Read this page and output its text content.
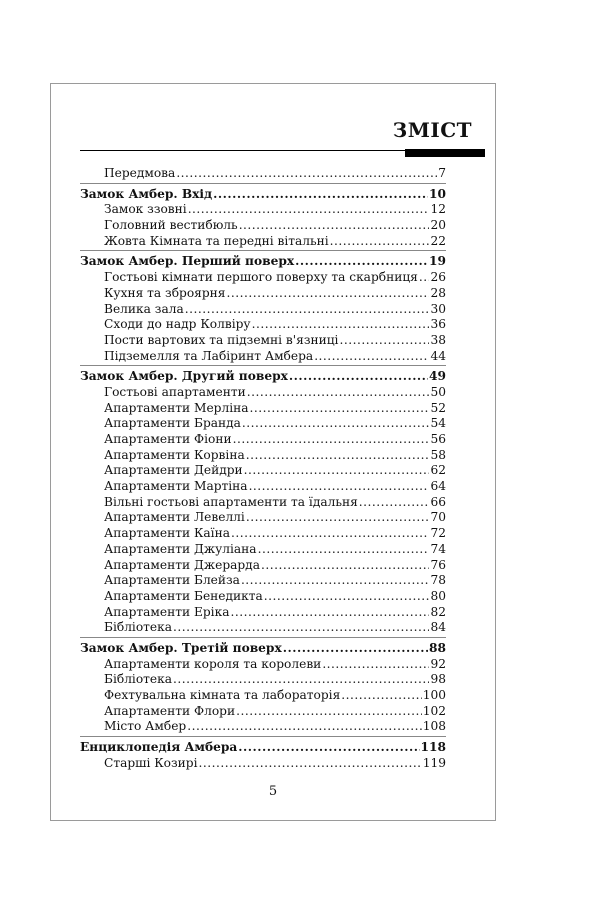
ЗМІСТ
Передмова .....	7
Замок Амбер. Вхід .....	10
Замок ззовні .....	12
Головний вестибюль .....	20
Жовта Кімната та передні вітальні .....	22
Замок Амбер. Перший поверх .....	19
Гостьові кімнати першого поверху та скарбниця ..... 26
Кухня та зброярня .....	28
Велика зала .....	30
Сходи до надр Колвіру .....	36
Пости вартових та підземні в'язниці .....	38
Підземелля та Лабіринт Амбера .....	44
Замок Амбер. Другий поверх .....	49
Гостьові апартаменти .....	50
Апартаменти Мерліна .....	52
Апартаменти Бранда .....	54
Апартаменти Фіони .....	56
Апартаменти Корвіна .....	58
Апартаменти Дейдри .....	62
Апартаменти Мартіна .....	64
Вільні гостьові апартаменти та їдальня .....	66
Апартаменти Левеллі .....	70
Апартаменти Каїна .....	72
Апартаменти Джуліана .....	74
Апартаменти Джерарда .....	76
Апартаменти Блейза .....	78
Апартаменти Бенедикта .....	80
Апартаменти Еріка .....	82
Бібліотека .....	84
Замок Амбер. Третій поверх .....	88
Апартаменти короля та королеви .....	92
Бібліотека .....	98
Фехтувальна кімната та лабораторія .....	100
Апартаменти Флори .....	102
Місто Амбер .....	108
Енциклопедія Амбера .....	118
Старші Козирі .....	119
5
